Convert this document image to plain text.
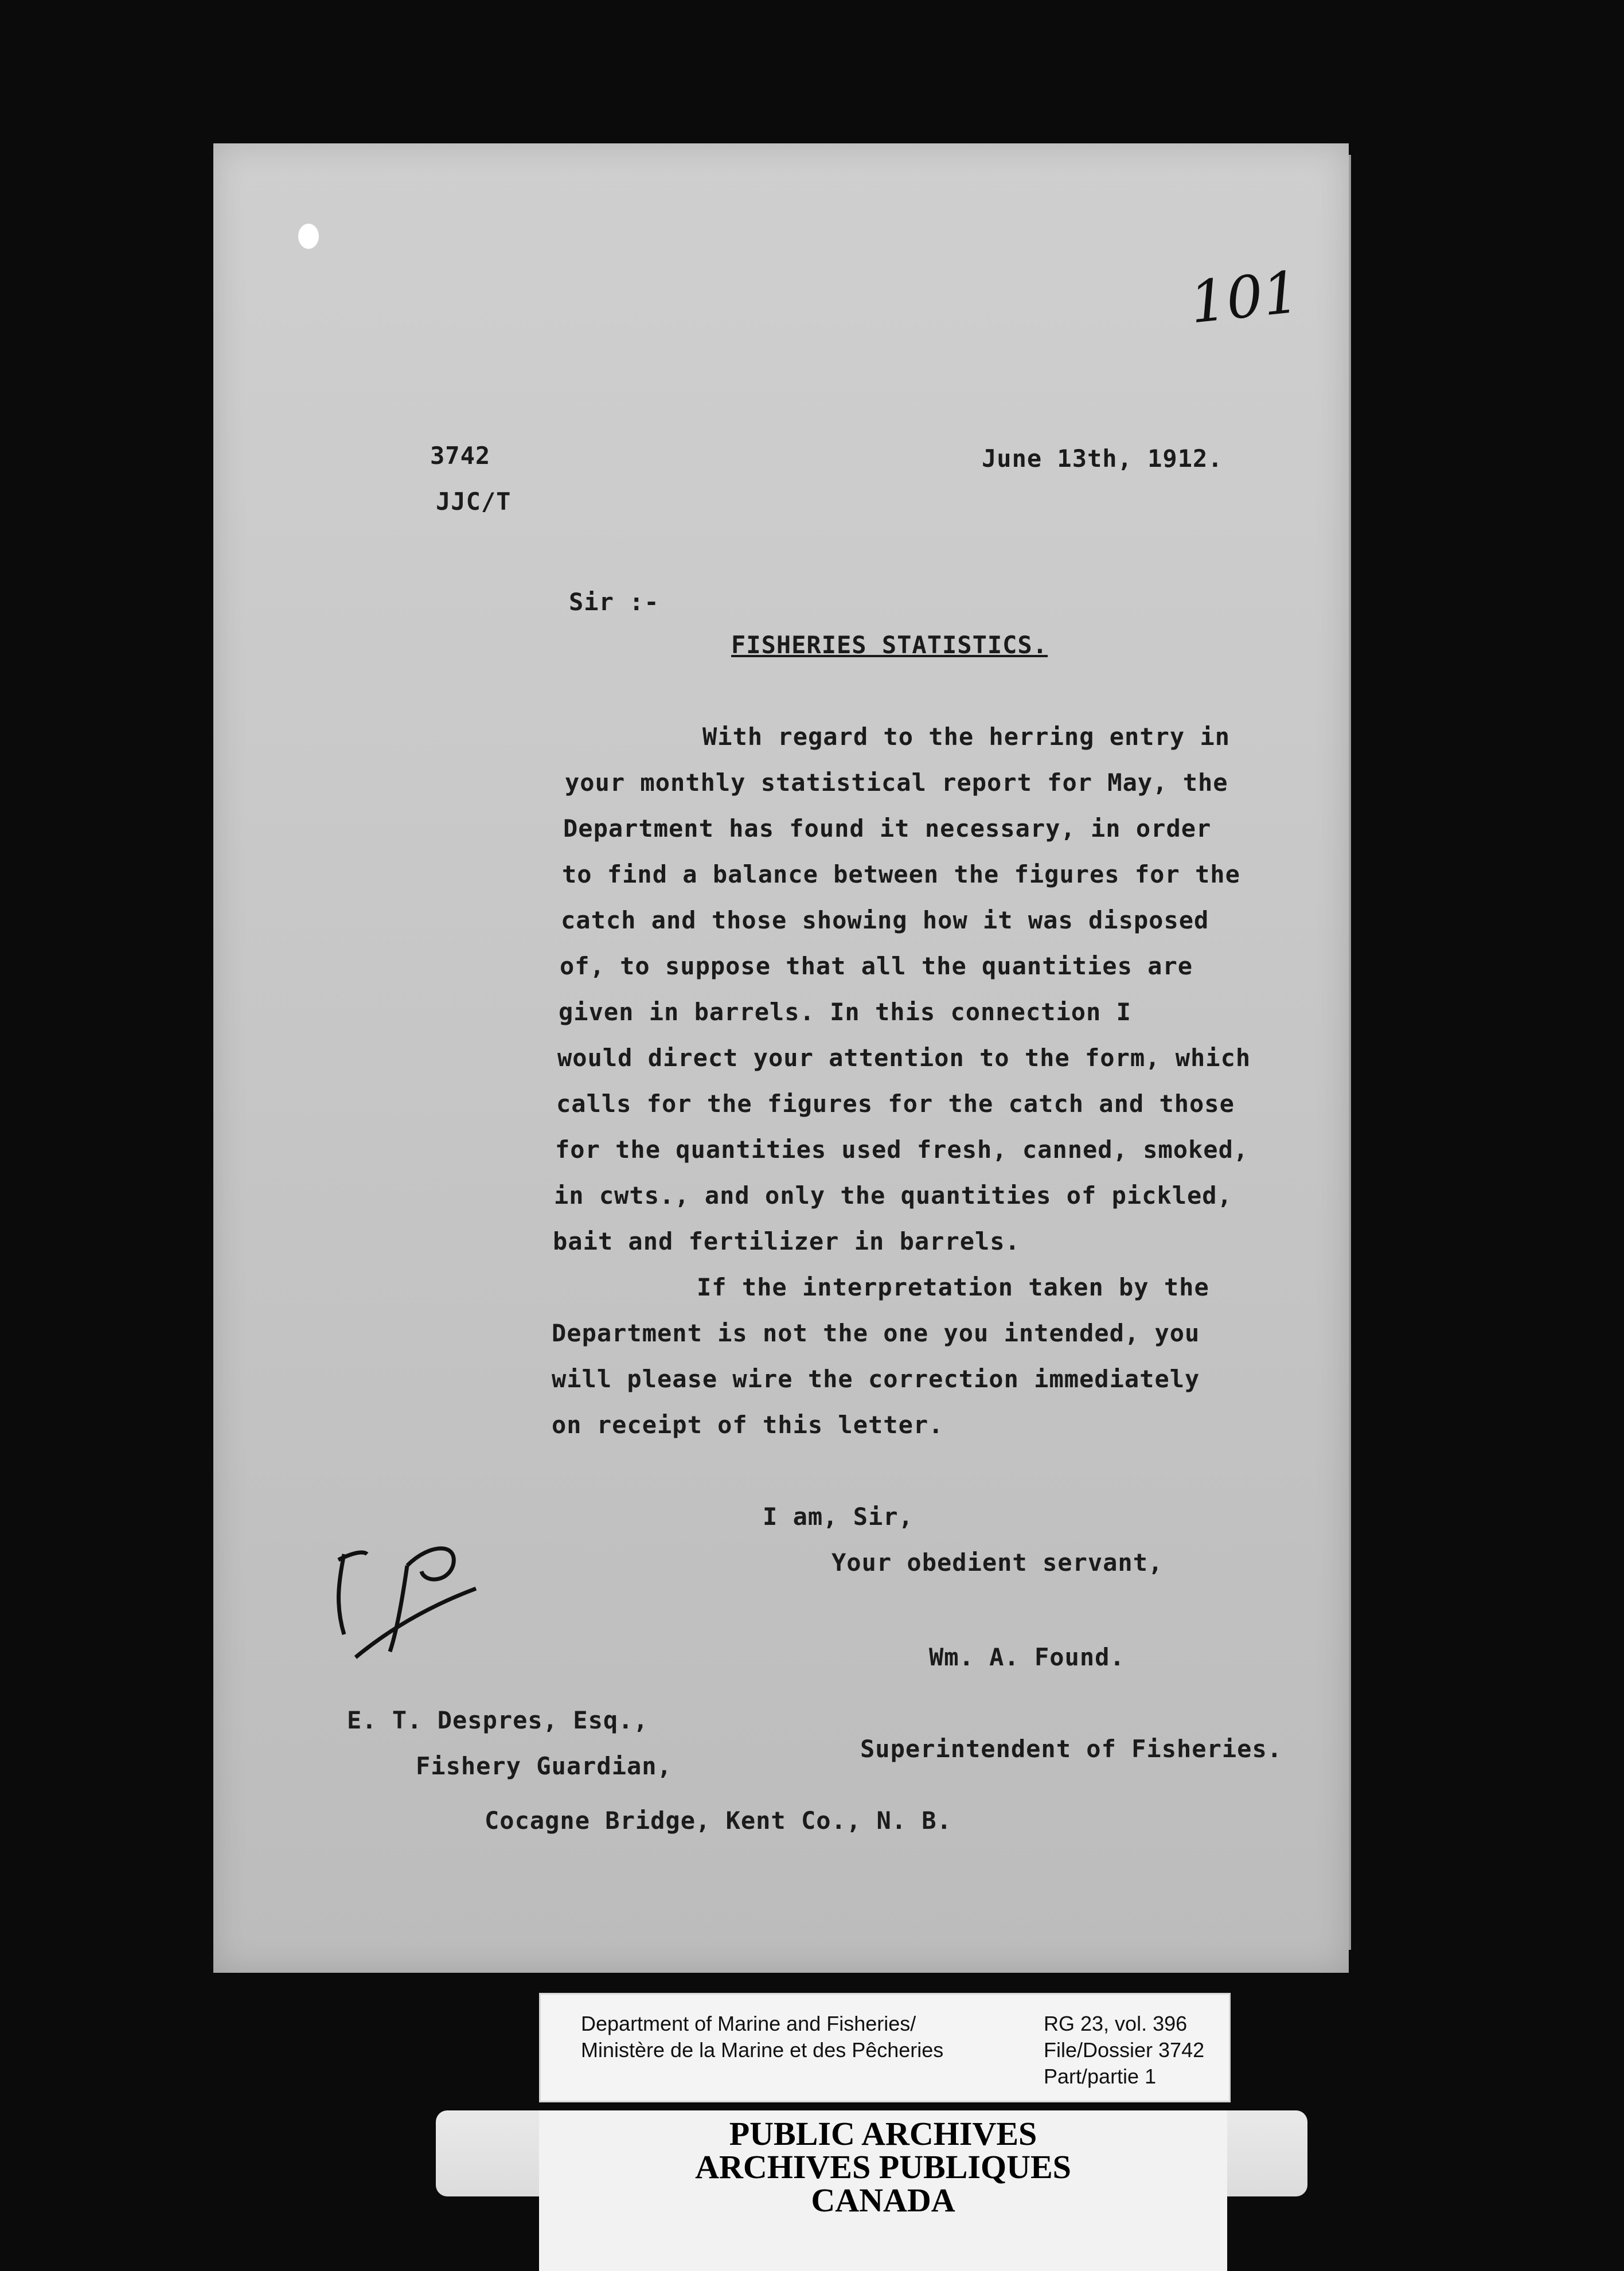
101
3742
JJC/T
June 13th, 1912.
Sir :-
FISHERIES STATISTICS.
With regard to the herring entry in
your monthly statistical report for May, the
Department has found it necessary, in order
to find a balance between the figures for the
catch and those showing how it was disposed
of, to suppose that all the quantities are
given in barrels. In this connection I
would direct your attention to the form, which
calls for the figures for the catch and those
for the quantities used fresh, canned, smoked,
in cwts., and only the quantities of pickled,
bait and fertilizer in barrels.
If the interpretation taken by the
Department is not the one you intended, you
will please wire the correction immediately
on receipt of this letter.
I am, Sir,
Your obedient servant,
Wm. A. Found.
Superintendent of Fisheries.
E. T. Despres, Esq.,
Fishery Guardian,
Cocagne Bridge, Kent Co., N. B.
Department of Marine and Fisheries/
Ministère de la Marine et des Pêcheries
RG 23, vol. 396
File/Dossier 3742
Part/partie 1
PUBLIC ARCHIVES
ARCHIVES PUBLIQUES
CANADA
